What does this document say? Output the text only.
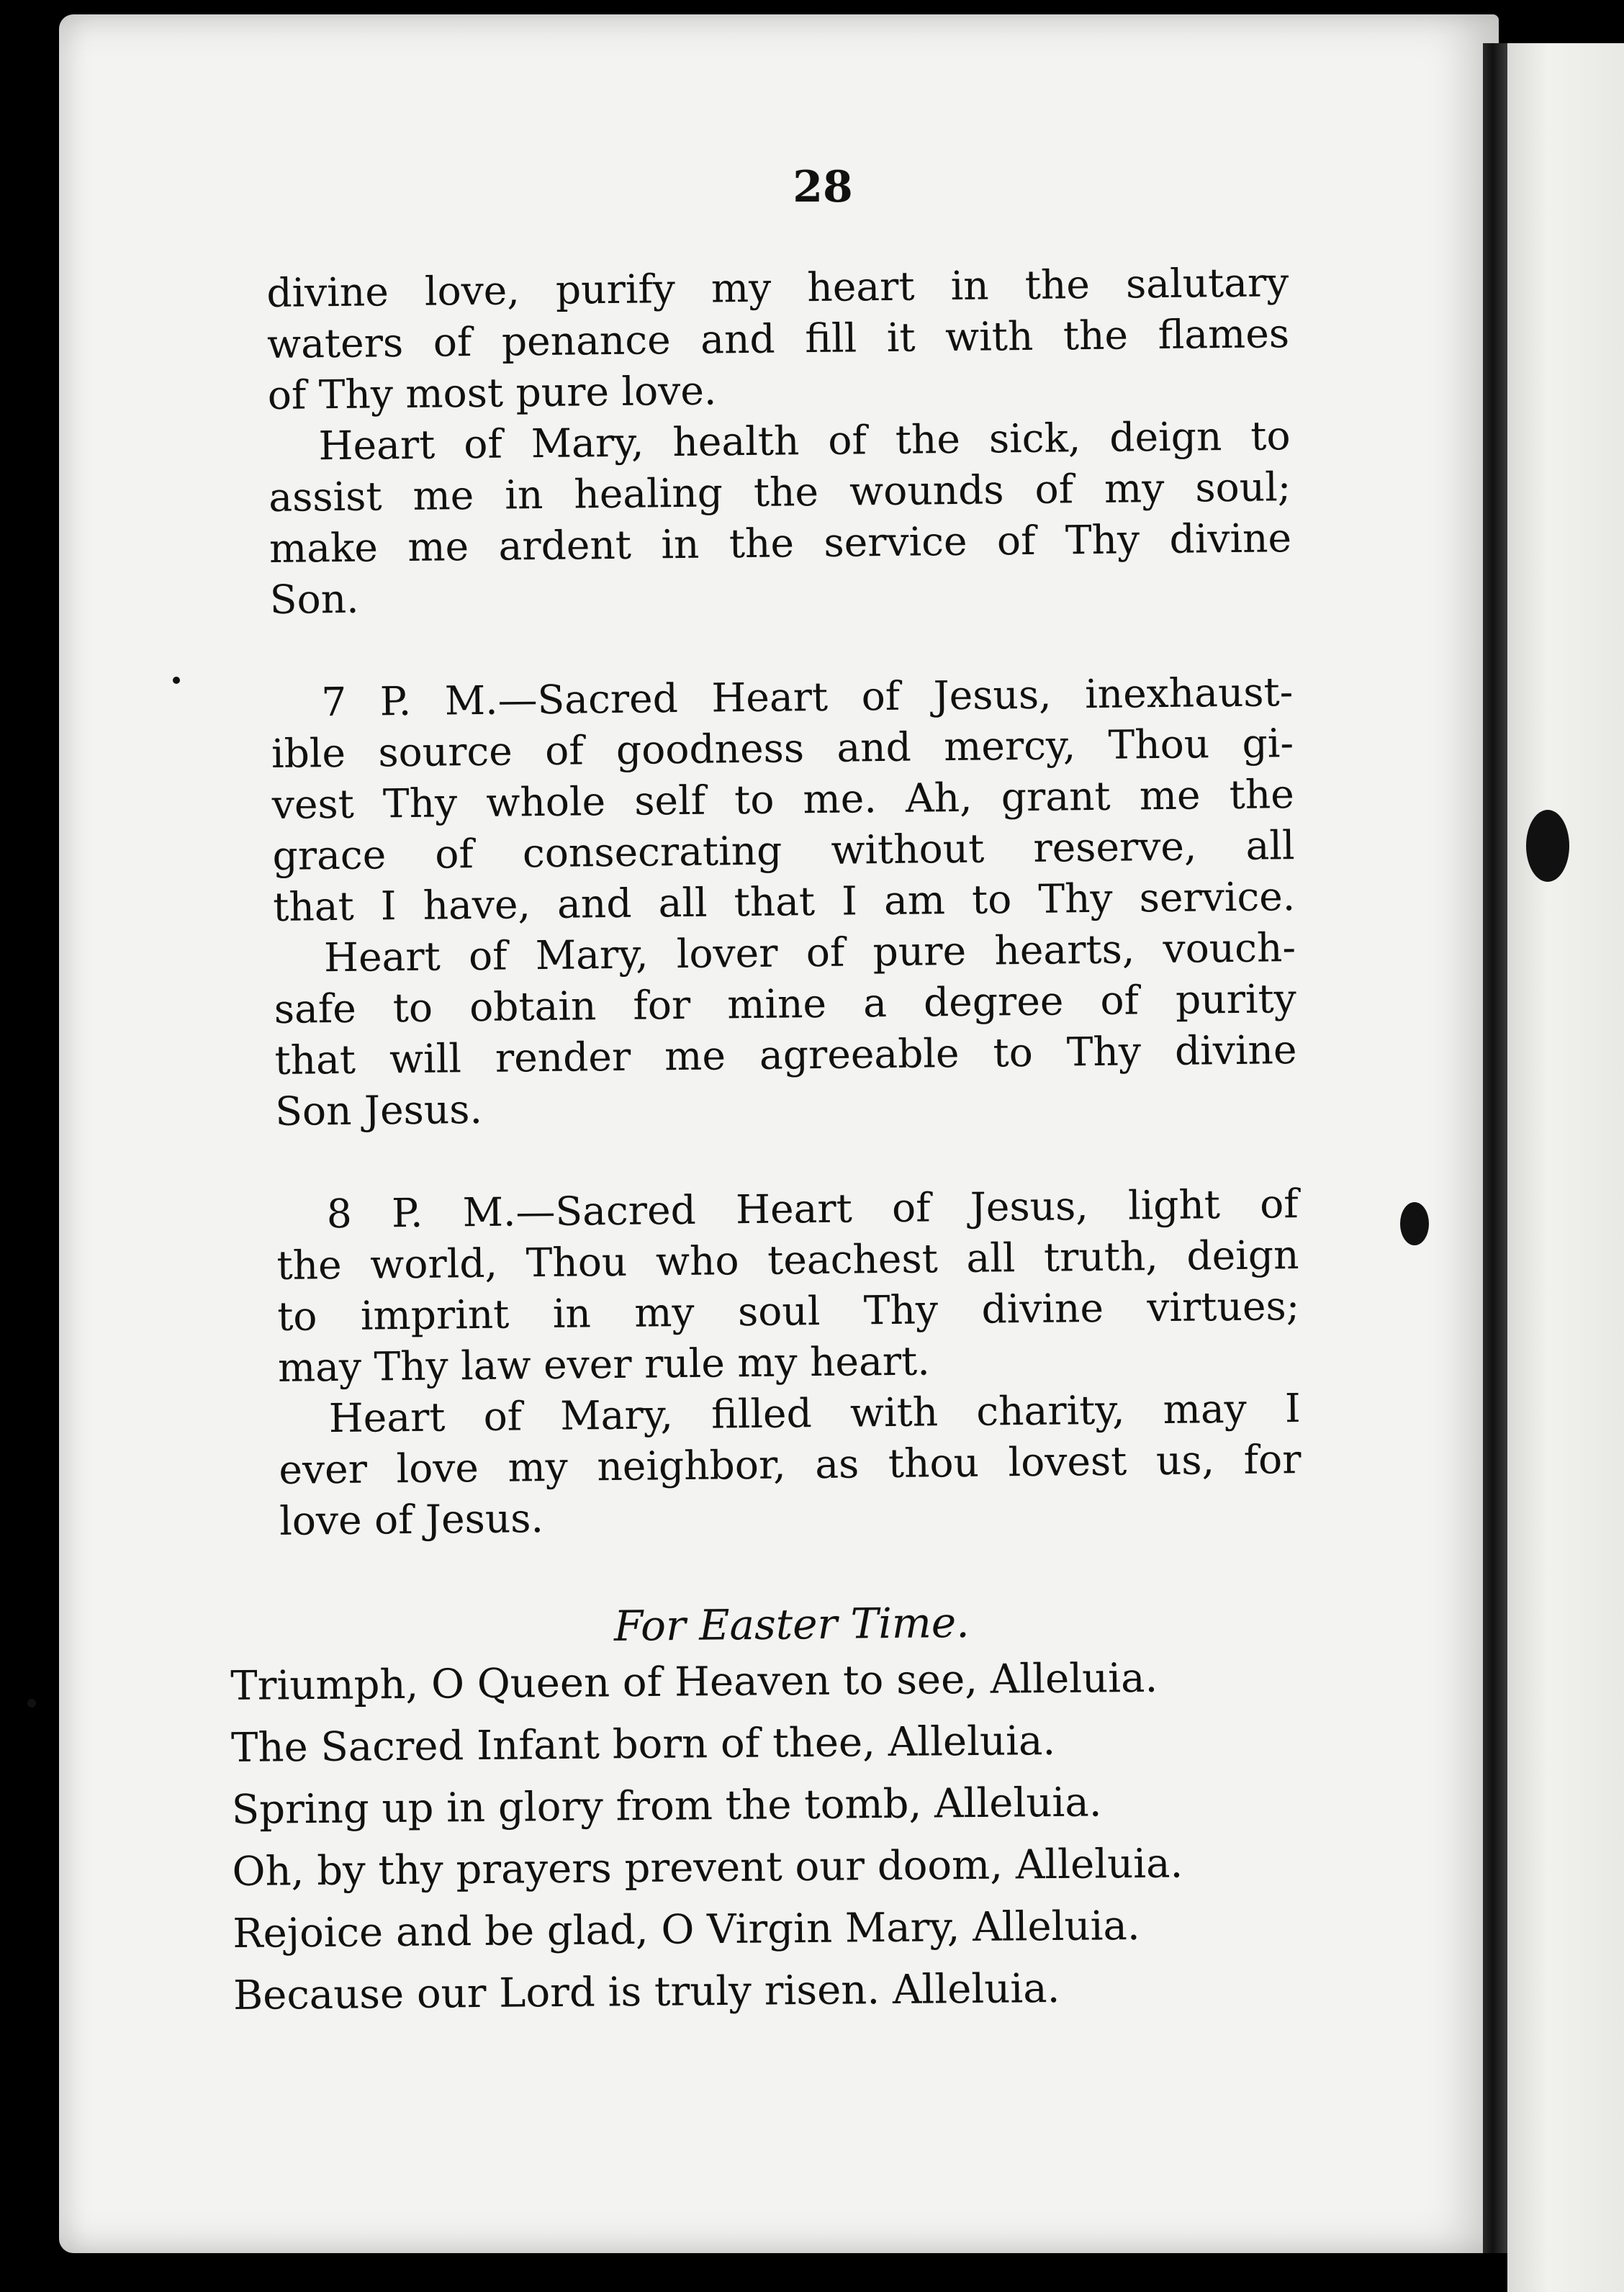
28
divine love, purify my heart in the salutary
waters of penance and fill it with the flames
of Thy most pure love.
Heart of Mary, health of the sick, deign to
assist me in healing the wounds of my soul;
make me ardent in the service of Thy divine
Son.
7 P. M.—Sacred Heart of Jesus, inexhaust-
ible source of goodness and mercy, Thou gi-
vest Thy whole self to me. Ah, grant me the
grace of consecrating without reserve, all
that I have, and all that I am to Thy service.
Heart of Mary, lover of pure hearts, vouch-
safe to obtain for mine a degree of purity
that will render me agreeable to Thy divine
Son Jesus.
8 P. M.—Sacred Heart of Jesus, light of
the world, Thou who teachest all truth, deign
to imprint in my soul Thy divine virtues;
may Thy law ever rule my heart.
Heart of Mary, filled with charity, may I
ever love my neighbor, as thou lovest us, for
love of Jesus.
For Easter Time.
Triumph, O Queen of Heaven to see, Alleluia.
The Sacred Infant born of thee, Alleluia.
Spring up in glory from the tomb, Alleluia.
Oh, by thy prayers prevent our doom, Alleluia.
Rejoice and be glad, O Virgin Mary, Alleluia.
Because our Lord is truly risen. Alleluia.
